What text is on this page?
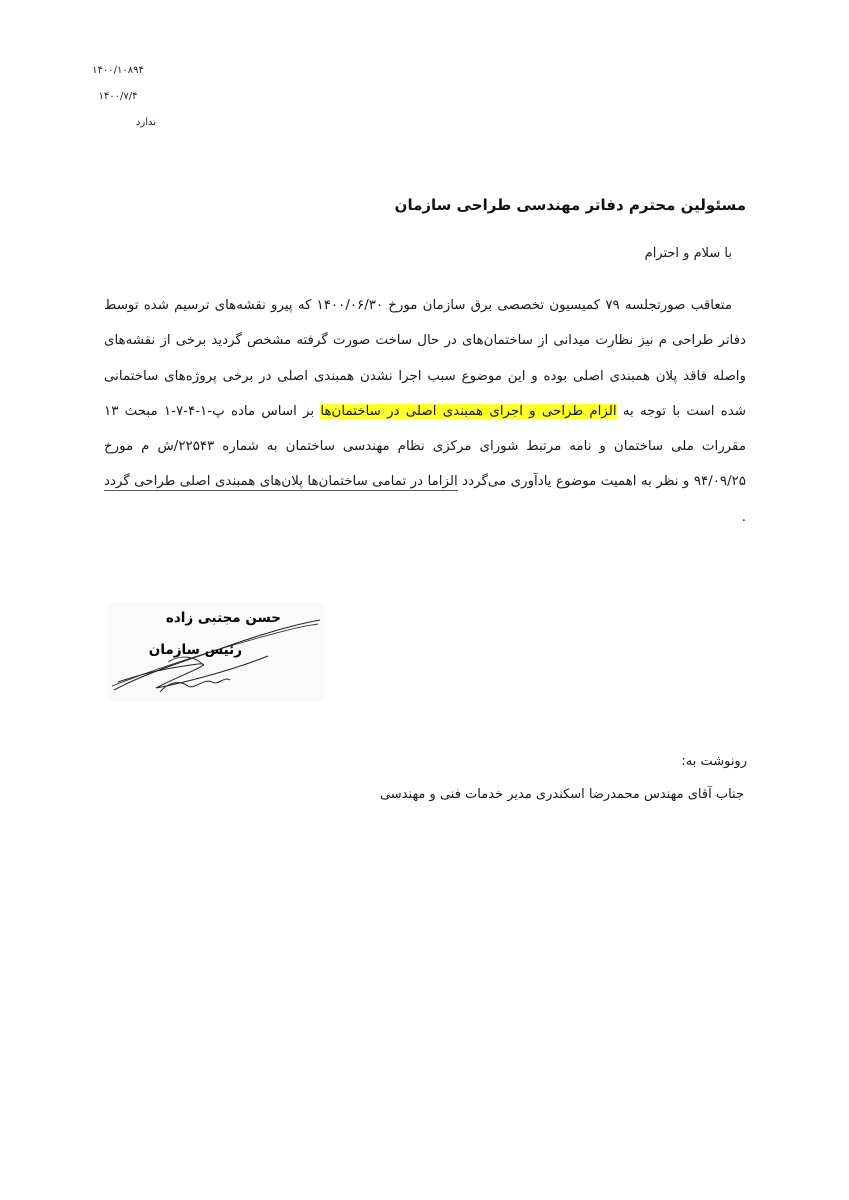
۱۴۰۰/۱۰۸۹۴
۱۴۰۰/۷/۴
ندارد
مسئولین محترم دفاتر مهندسی طراحی سازمان
با سلام و احترام
متعاقب صورتجلسه ۷۹ کمیسیون تخصصی برق سازمان مورخ ۱۴۰۰/۰۶/۳۰ که پیرو نقشه‌های ترسیم شده توسط دفاتر طراحی م نیز نظارت میدانی از ساختمان‌های در حال ساخت صورت گرفته مشخص گردید برخی از نقشه‌های واصله فاقد پلان همبندی اصلی بوده و این موضوع سبب اجرا نشدن همبندی اصلی در برخی پروژه‌های ساختمانی شده است با توجه به الزام طراحی و اجرای همبندی اصلی در ساختمان‌ها بر اساس ماده پ-۱-۴-۷-۱ مبحث ۱۳ مقررات ملی ساختمان و نامه مرتبط شورای مرکزی نظام مهندسی ساختمان به شماره ۲۲۵۴۳/ش م مورخ ۹۴/۰۹/۲۵ و نظر به اهمیت موضوع یادآوری می‌گردد الزاما در تمامی ساختمان‌ها پلان‌های همبندی اصلی طراحی گردد .
حسن مجتبی زاده
رئیس سازمان
رونوشت به:
جناب آقای مهندس محمدرضا اسکندری مدیر خدمات فنی و مهندسی
